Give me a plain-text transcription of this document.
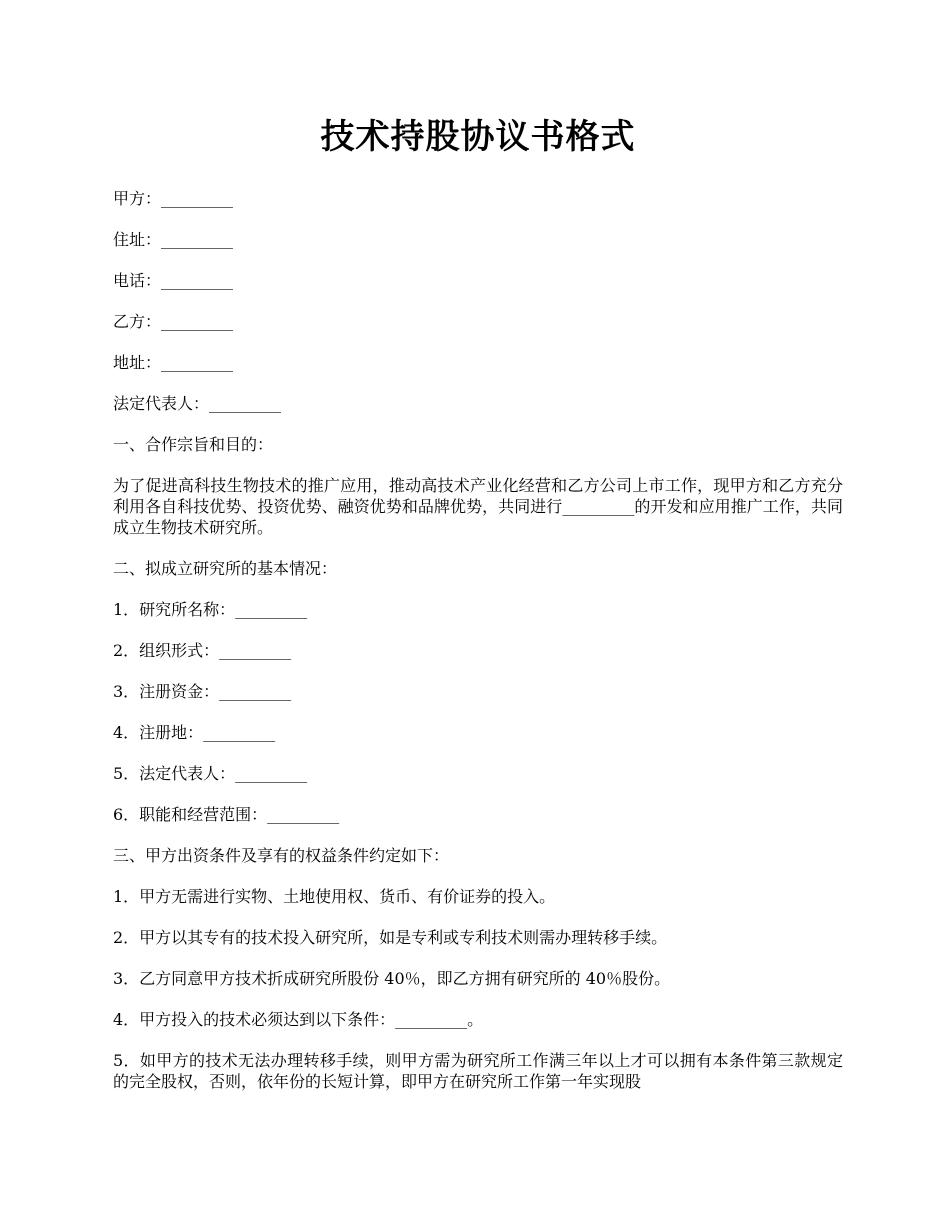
技术持股协议书格式

甲方：_________

住址：_________

电话：_________

乙方：_________

地址：_________

法定代表人：_________

一、合作宗旨和目的：

为了促进高科技生物技术的推广应用，推动高技术产业化经营和乙方公司上市工作，现甲方和乙方充分利用各自科技优势、投资优势、融资优势和品牌优势，共同进行_________的开发和应用推广工作，共同成立生物技术研究所。

二、拟成立研究所的基本情况：

1．研究所名称：_________

2．组织形式：_________

3．注册资金：_________

4．注册地：_________

5．法定代表人：_________

6．职能和经营范围：_________

三、甲方出资条件及享有的权益条件约定如下：

1．甲方无需进行实物、土地使用权、货币、有价证券的投入。

2．甲方以其专有的技术投入研究所，如是专利或专利技术则需办理转移手续。

3．乙方同意甲方技术折成研究所股份 40％，即乙方拥有研究所的 40％股份。

4．甲方投入的技术必须达到以下条件：_________。

5．如甲方的技术无法办理转移手续，则甲方需为研究所工作满三年以上才可以拥有本条件第三款规定的完全股权，否则，依年份的长短计算，即甲方在研究所工作第一年实现股
